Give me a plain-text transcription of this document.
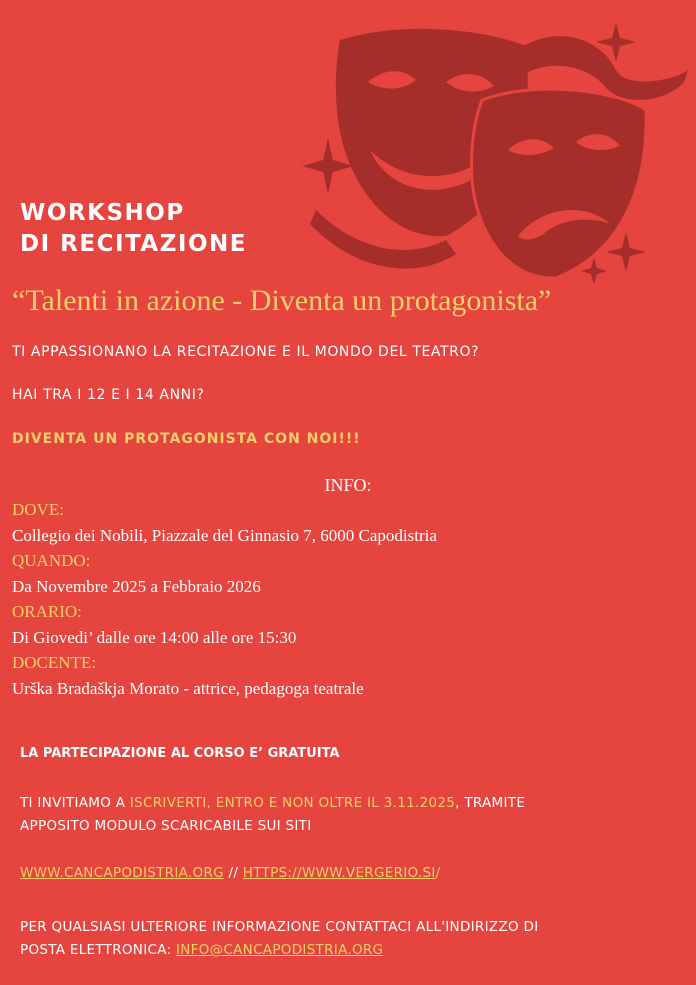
WORKSHOP
DI RECITAZIONE
“Talenti in azione - Diventa un protagonista”
TI APPASSIONANO LA RECITAZIONE E IL MONDO DEL TEATRO?
HAI TRA I 12 E I 14 ANNI?
DIVENTA UN PROTAGONISTA CON NOI!!!
INFO:
DOVE:
Collegio dei Nobili, Piazzale del Ginnasio 7, 6000 Capodistria
QUANDO:
Da Novembre 2025 a Febbraio 2026
ORARIO:
Di Giovedi’ dalle ore 14:00 alle ore 15:30
DOCENTE:
Urška Bradaškja Morato - attrice, pedagoga teatrale
LA PARTECIPAZIONE AL CORSO E’ GRATUITA
TI INVITIAMO A ISCRIVERTI, ENTRO E NON OLTRE IL 3.11.2025, TRAMITE
APPOSITO MODULO SCARICABILE SUI SITI
WWW.CANCAPODISTRIA.ORG // HTTPS://WWW.VERGERIO.SI/
PER QUALSIASI ULTERIORE INFORMAZIONE CONTATTACI ALL'INDIRIZZO DI
POSTA ELETTRONICA: INFO@CANCAPODISTRIA.ORG
